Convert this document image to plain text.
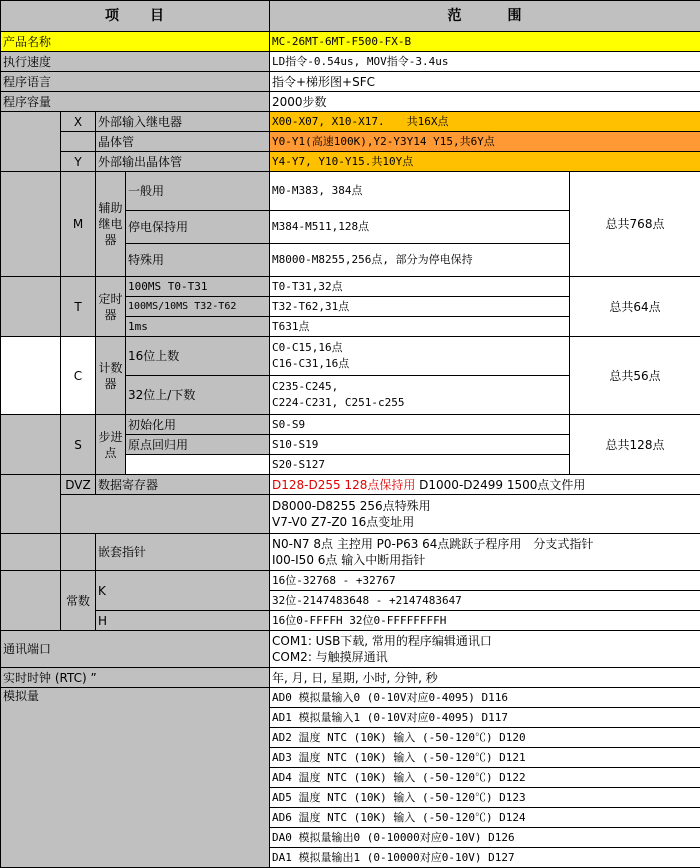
项　　目				范　　　围	
产品名称				MC-26MT-6MT-F500-FX-B	
执行速度				LD指令-0.54us, MOV指令-3.4us	
程序语言				指令+梯形图+SFC	
程序容量				2000步数	
	X	外部输入继电器		X00-X07, X10-X17.　　共16X点	
		晶体管		Y0-Y1(高速100K),Y2-Y3Y14 Y15,共6Y点	
	Y	外部输出晶体管		Y4-Y7, Y10-Y15.共10Y点	
	M	辅助继电器	一般用	M0-M383, 384点	总共768点
			停电保持用	M384-M511,128点	
			特殊用	M8000-M8255,256点, 部分为停电保持	
	T	定时器	100MS T0-T31	T0-T31,32点	总共64点
			100MS/10MS T32-T62	T32-T62,31点	
			1ms	T631点	
	C	计数器	16位上数	C0-C15,16点
C16-C31,16点	总共56点
			32位上/下数	C235-C245,
C224-C231, C251-c255	

	S	步进点	初始化用	S0-S9	总共128点
			原点回归用	S10-S19	
				S20-S127	
	DVZ	数据寄存器		D128-D255 128点保持用 D1000-D2499 1500点文件用	

				D8000-D8255 256点特殊用
V7-V0 Z7-Z0 16点变址用	

		嵌套指针		N0-N7 8点 主控用 P0-P63 64点跳跃子程序用　分支式指针
I00-I50 6点 输入中断用指针	

	常数	K		16位-32768 - +32767	
				32位-2147483648 - +2147483647	
		H		16位0-FFFFH 32位0-FFFFFFFFH	
通讯端口				COM1: USB下载, 常用的程序编辑通讯口
COM2: 与触摸屏通讯	

实时时钟 (RTC) ”				年, 月, 日, 星期, 小时, 分钟, 秒	
模拟量				AD0 模拟量输入0 (0-10V对应0-4095) D116	
				AD1 模拟量输入1 (0-10V对应0-4095) D117	
				AD2 温度 NTC (10K) 输入 (-50-120℃) D120	
				AD3 温度 NTC (10K) 输入 (-50-120℃) D121	
				AD4 温度 NTC (10K) 输入 (-50-120℃) D122	
				AD5 温度 NTC (10K) 输入 (-50-120℃) D123	
				AD6 温度 NTC (10K) 输入 (-50-120℃) D124	
				DA0 模拟量输出0 (0-10000对应0-10V) D126	
				DA1 模拟量输出1 (0-10000对应0-10V) D127	
